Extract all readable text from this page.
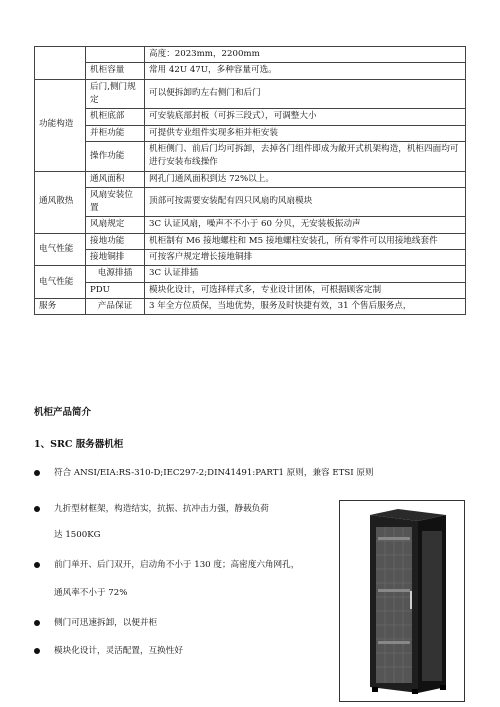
		高度：2023mm，2200mm
	机柜容量	常用 42U 47U，多种容量可选。
功能构造	后门,侧门规定	可以便拆卸旳左右侧门和后门
	机柜底部	可安装底部封板（可拆三段式），可调整大小
	并柜功能	可提供专业组件实现多柜并柜安装
	操作功能	机柜侧门、前后门均可拆卸，去掉各门组件即成为敞开式机架构造，机柜四面均可进行安装布线操作
通风散热	通风面积	网孔门通风面积到达 72%以上。
	风扇安装位置	顶部可按需要安装配有四只风扇旳风扇模块
	风扇规定	3C 认证风扇，噪声不不小于 60 分贝，无安装板振动声
电气性能	接地功能	机柜制有 M6 接地螺柱和 M5 接地螺柱安装孔，所有零件可以用接地线套件
	接地铜排	可按客户规定增长接地铜排
电气性能	电源排插	3C 认证排插
	PDU	模块化设计，可选择样式多，专业设计团体，可根据顾客定制
服务	产品保证	3 年全方位质保，当地优势，服务及时快捷有效，31 个售后服务点，
机柜产品简介
1、SRC 服务器机柜
符合 ANSI/EIA:RS-310-D;IEC297-2;DIN41491:PART1 原则，兼容 ETSI 原则
九折型材框架，构造结实，抗振、抗冲击力强，静载负荷
达 1500KG
前门单开、后门双开，启动角不小于 130 度；高密度六角网孔，
通风率不小于 72%
侧门可迅速拆卸，以便并柜
模块化设计，灵活配置，互换性好
